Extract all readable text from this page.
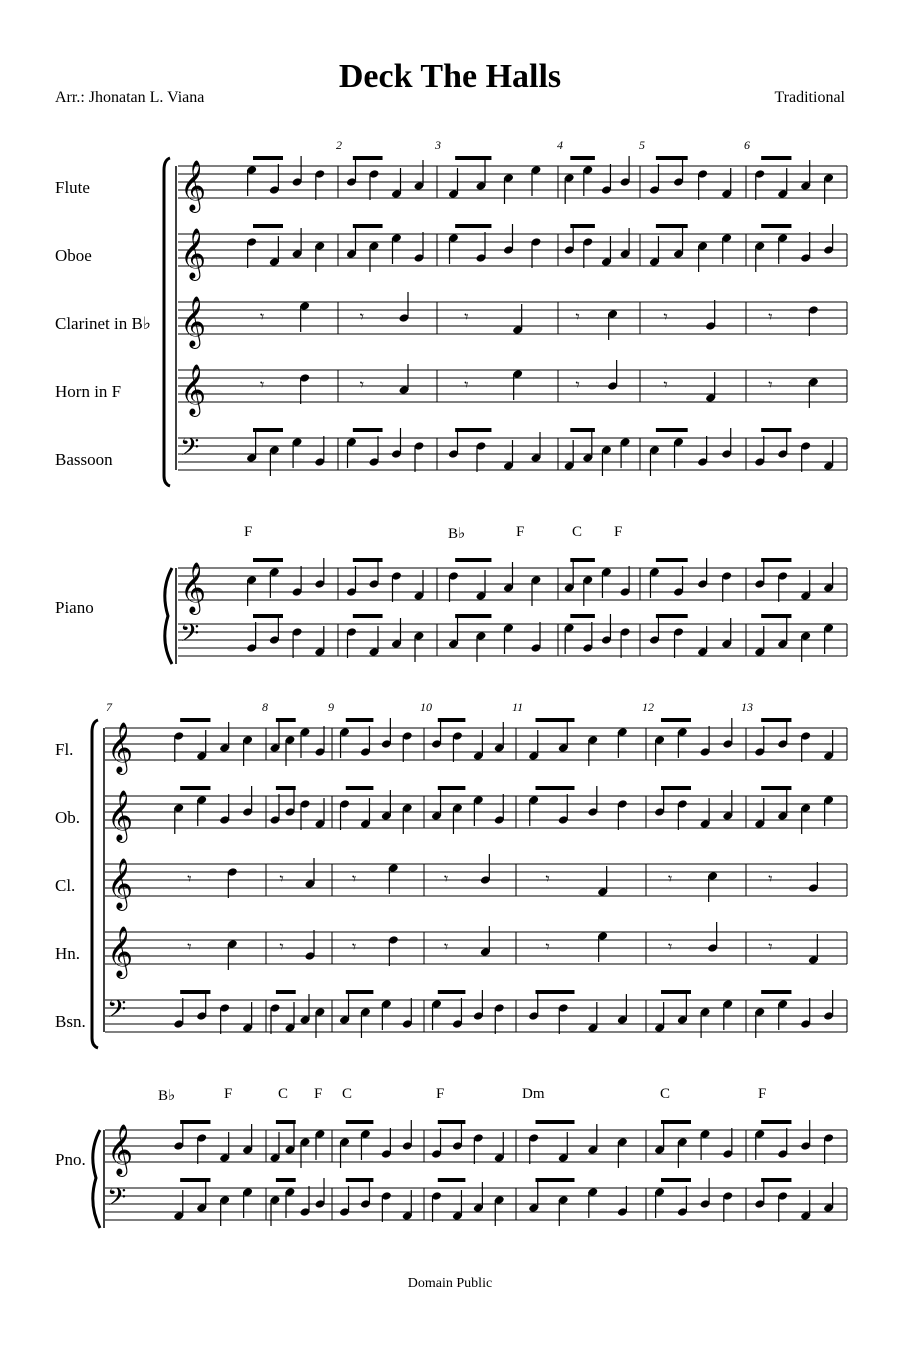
Deck The Halls
Arr.: Jhonatan L. Viana	Traditional
Flute
Oboe
Clarinet in B♭
Horn in F
Bassoon
Piano
Fl.
Ob.
Cl.
Hn.
Bsn.
Pno.
2	3	4	5	6
F	B♭	F	C F
7	8	9	10	11	12	13
B♭	F	C F C	F	Dm	C	F
𝄞
𝄞
𝄞	𝄾	𝄾	𝄾	𝄾	𝄾	𝄾
𝄞	𝄾	𝄾	𝄾	𝄾	𝄾	𝄾
𝄢
𝄞
𝄢
𝄞
𝄞
𝄞	𝄾	𝄾	𝄾	𝄾	𝄾	𝄾	𝄾
𝄞	𝄾	𝄾	𝄾	𝄾	𝄾	𝄾	𝄾
𝄢
𝄞
𝄢
Domain Public
